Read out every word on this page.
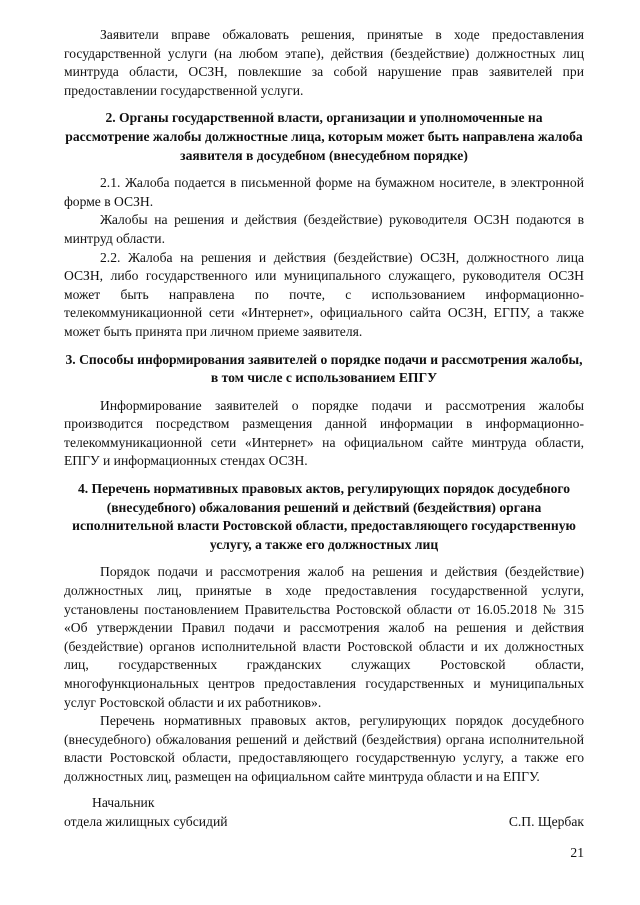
Заявители вправе обжаловать решения, принятые в ходе предоставления государственной услуги (на любом этапе), действия (бездействие) должностных лиц минтруда области, ОСЗН, повлекшие за собой нарушение прав заявителей при предоставлении государственной услуги.

2. Органы государственной власти, организации и уполномоченные на рассмотрение жалобы должностные лица, которым может быть направлена жалоба заявителя в досудебном (внесудебном порядке)

2.1. Жалоба подается в письменной форме на бумажном носителе, в электронной форме в ОСЗН.

Жалобы на решения и действия (бездействие) руководителя ОСЗН подаются в минтруд области.

2.2. Жалоба на решения и действия (бездействие) ОСЗН, должностного лица ОСЗН, либо государственного или муниципального служащего, руководителя ОСЗН может быть направлена по почте, с использованием информационно-телекоммуникационной сети «Интернет», официального сайта ОСЗН, ЕГПУ, а также может быть принята при личном приеме заявителя.

3. Способы информирования заявителей о порядке подачи и рассмотрения жалобы, в том числе с использованием ЕПГУ

Информирование заявителей о порядке подачи и рассмотрения жалобы производится посредством размещения данной информации в информационно-телекоммуникационной сети «Интернет» на официальном сайте минтруда области, ЕПГУ и информационных стендах ОСЗН.

4. Перечень нормативных правовых актов, регулирующих порядок досудебного (внесудебного) обжалования решений и действий (бездействия) органа исполнительной власти Ростовской области, предоставляющего государственную услугу, а также его должностных лиц

Порядок подачи и рассмотрения жалоб на решения и действия (бездействие) должностных лиц, принятые в ходе предоставления государственной услуги, установлены постановлением Правительства Ростовской области от 16.05.2018 № 315 «Об утверждении Правил подачи и рассмотрения жалоб на решения и действия (бездействие) органов исполнительной власти Ростовской области и их должностных лиц, государственных гражданских служащих Ростовской области, многофункциональных центров предоставления государственных и муниципальных услуг Ростовской области и их работников».

Перечень нормативных правовых актов, регулирующих порядок досудебного (внесудебного) обжалования решений и действий (бездействия) органа исполнительной власти Ростовской области, предоставляющего государственную услугу, а также его должностных лиц, размещен на официальном сайте минтруда области и на ЕПГУ.

Начальник
отдела жилищных субсидий	С.П. Щербак
21
